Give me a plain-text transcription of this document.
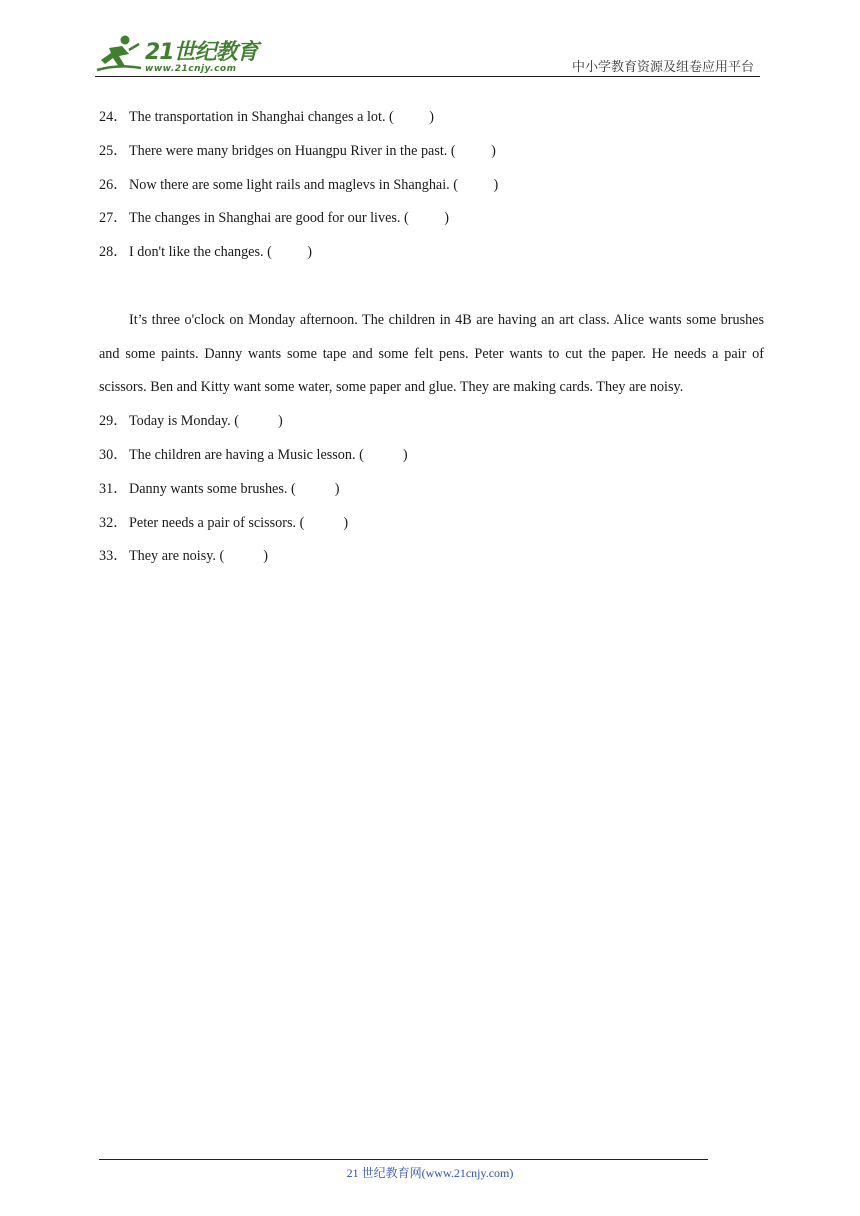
21世纪教育
www.21cnjy.com	中小学教育资源及组卷应用平台
24． The transportation in Shanghai changes a lot. ( )
25． There were many bridges on Huangpu River in the past. ( )
26． Now there are some light rails and maglevs in Shanghai. ( )
27． The changes in Shanghai are good for our lives. ( )
28． I don't like the changes. ( )
It’s three o'clock on Monday afternoon. The children in 4B are having an art class. Alice wants some brushes and some paints. Danny wants some tape and some felt pens. Peter wants to cut the paper. He needs a pair of scissors. Ben and Kitty want some water, some paper and glue. They are making cards. They are noisy.
29． Today is Monday. (	)
30． The children are having a Music lesson. (	)
31． Danny wants some brushes. (	)
32． Peter needs a pair of scissors. (	)
33． They are noisy. (	)
21 世纪教育网(www.21cnjy.com)
